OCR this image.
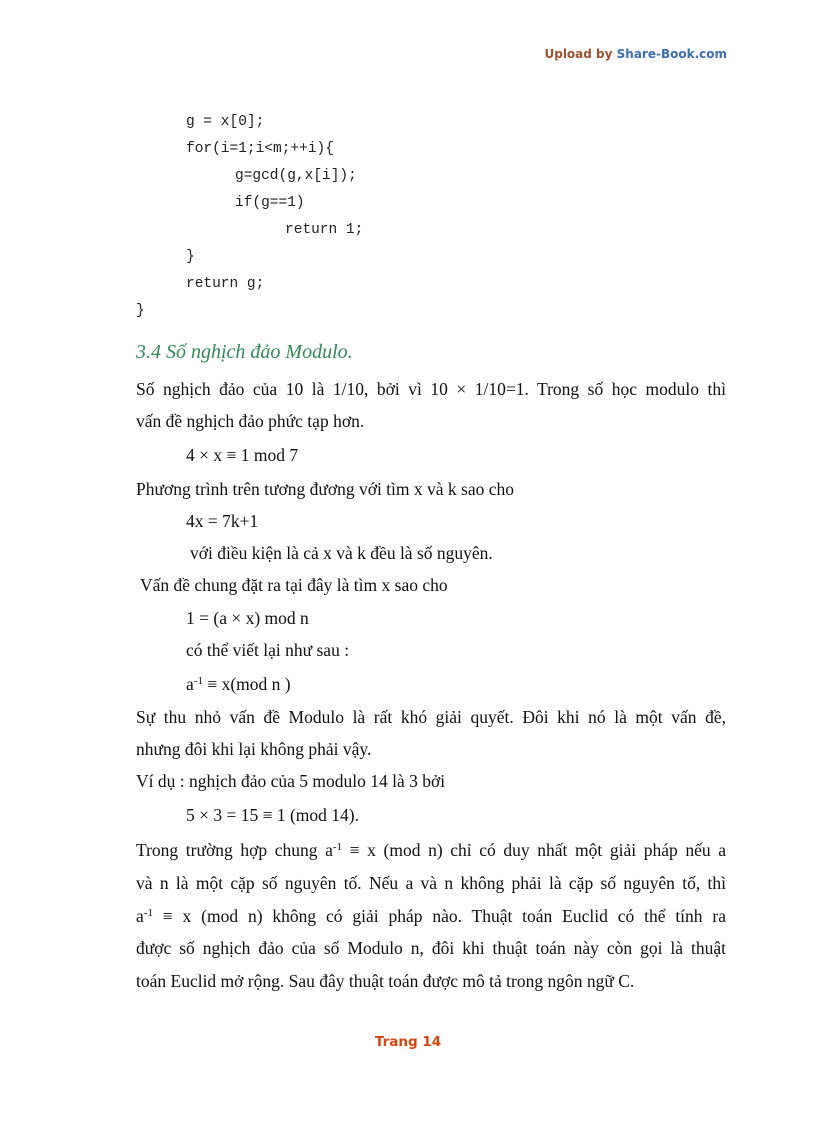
Upload by Share-Book.com
g = x[0];
for(i=1;i<m;++i){
g=gcd(g,x[i]);
if(g==1)
return 1;
}
return g;
}
3.4 Số nghịch đảo Modulo.
Số nghịch đảo của 10 là 1/10, bởi vì 10 × 1/10=1. Trong số học modulo thì
vấn đề nghịch đảo phức tạp hơn.
4 × x ≡ 1 mod 7
Phương trình trên tương đương với tìm x và k sao cho
4x = 7k+1
với điều kiện là cả x và k đều là số nguyên.
Vấn đề chung đặt ra tại đây là tìm x sao cho
1 = (a × x) mod n
có thể viết lại như sau :
$a^{-1} \equiv x(mod$ n )
Sự thu nhỏ vấn đề Modulo là rất khó giải quyết. Đôi khi nó là một vấn đề,
nhưng đôi khi lại không phải vậy.
Ví dụ : nghịch đảo của 5 modulo 14 là 3 bởi
5 × 3 = 15 ≡ 1 (mod 14).
Trong trường hợp chung $a^{-1} \equiv x$ (mod n) chỉ có duy nhất một giải pháp nếu a
và n là một cặp số nguyên tố. Nếu a và n không phải là cặp số nguyên tố, thì
$a^{-1} \equiv x$ (mod n) không có giải pháp nào. Thuật toán Euclid có thể tính ra
được số nghịch đảo của số Modulo n, đôi khi thuật toán này còn gọi là thuật
toán Euclid mở rộng. Sau đây thuật toán được mô tả trong ngôn ngữ C.
Trang 14
